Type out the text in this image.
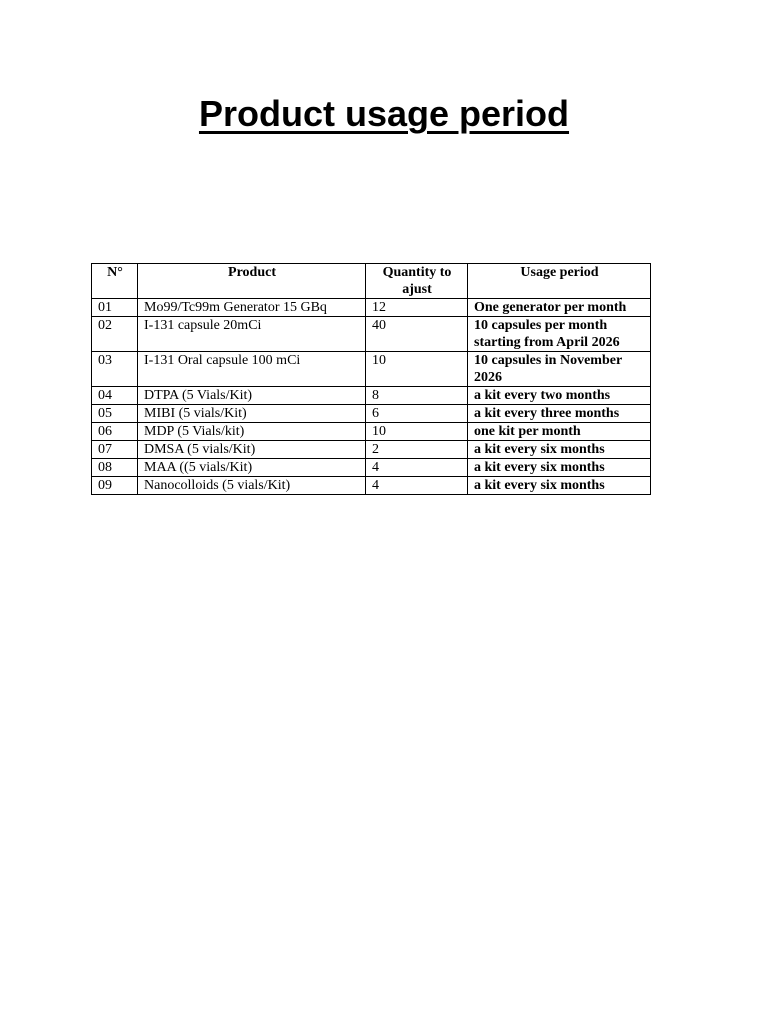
Product usage period
N°	Product	Quantity to ajust	Usage period
01	Mo99/Tc99m Generator 15 GBq	12	One generator per month
02	I-131 capsule 20mCi	40	10 capsules per month starting from April 2026
03	I-131 Oral capsule 100 mCi	10	10 capsules in November 2026
04	DTPA (5 Vials/Kit)	8	a kit every two months
05	MIBI (5 vials/Kit)	6	a kit every three months
06	MDP (5 Vials/kit)	10	one kit per month
07	DMSA (5 vials/Kit)	2	a kit every six months
08	MAA ((5 vials/Kit)	4	a kit every six months
09	Nanocolloids (5 vials/Kit)	4	a kit every six months
